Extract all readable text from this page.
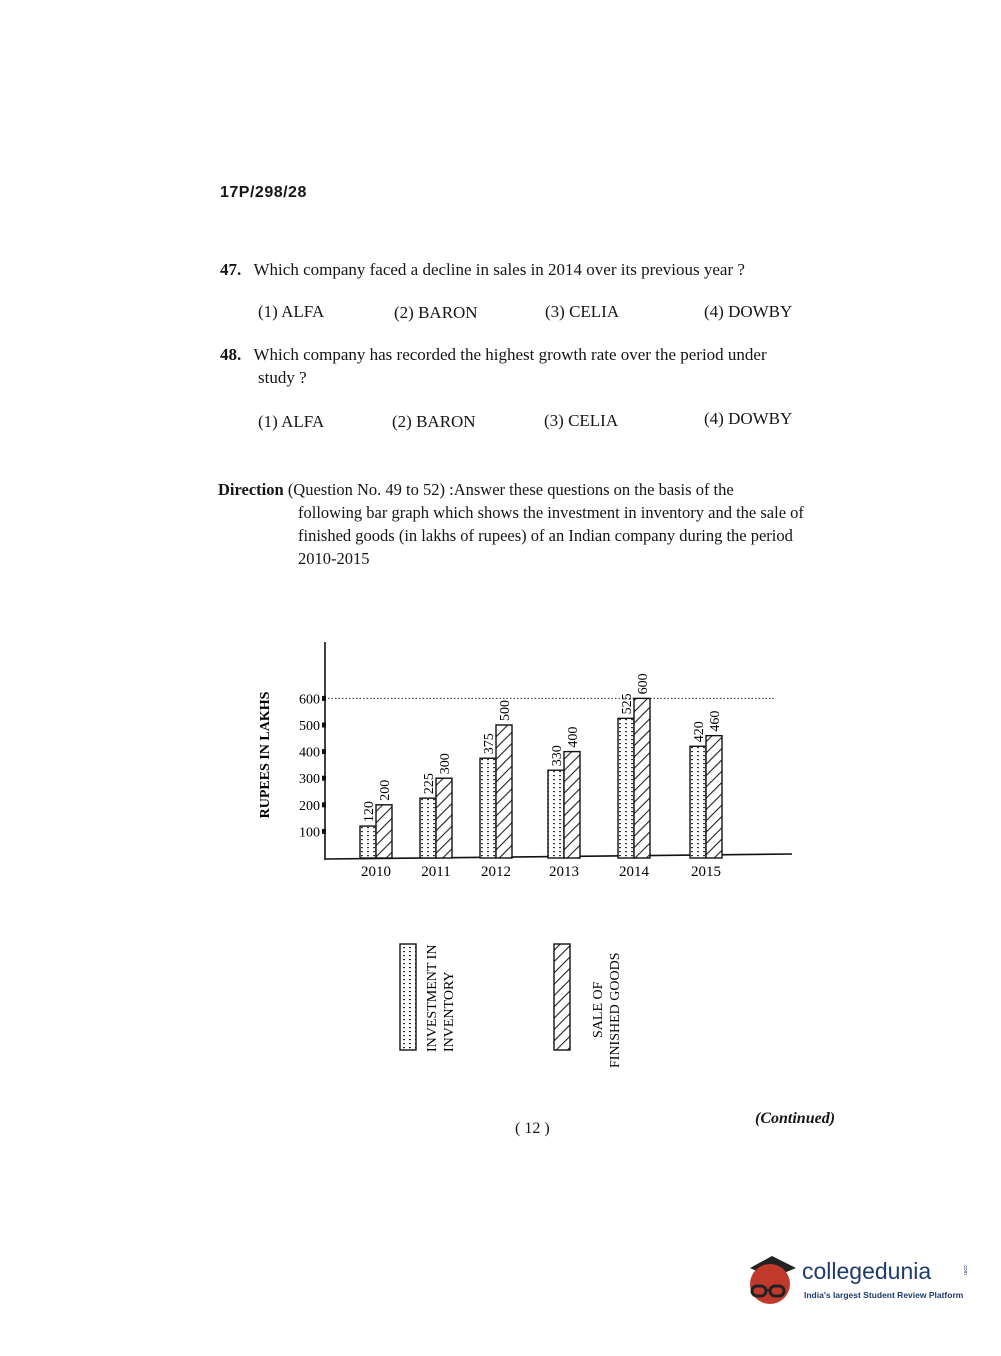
17P/298/28
47. Which company faced a decline in sales in 2014 over its previous year ?
(1) ALFA	(2) BARON	(3) CELIA	(4) DOWBY
48. Which company has recorded the highest growth rate over the period under
study ?
(1) ALFA	(2) BARON	(3) CELIA	(4) DOWBY
Direction (Question No. 49 to 52) :Answer these questions on the basis of the
following bar graph which shows the investment in inventory and the sale of finished goods (in lakhs of rupees) of an Indian company during the period 2010-2015
RUPEES IN LAKHS
100
200
300
400
500
600
120
200 225
300
375
500
330
400
525
600
420
460
2010 2011 2012	2013	2014	2015
INVESTMENT IN INVENTORY	SALE OF FINISHED GOODS
( 12 )
(Continued)
collegedunia	.com
India's largest Student Review Platform
